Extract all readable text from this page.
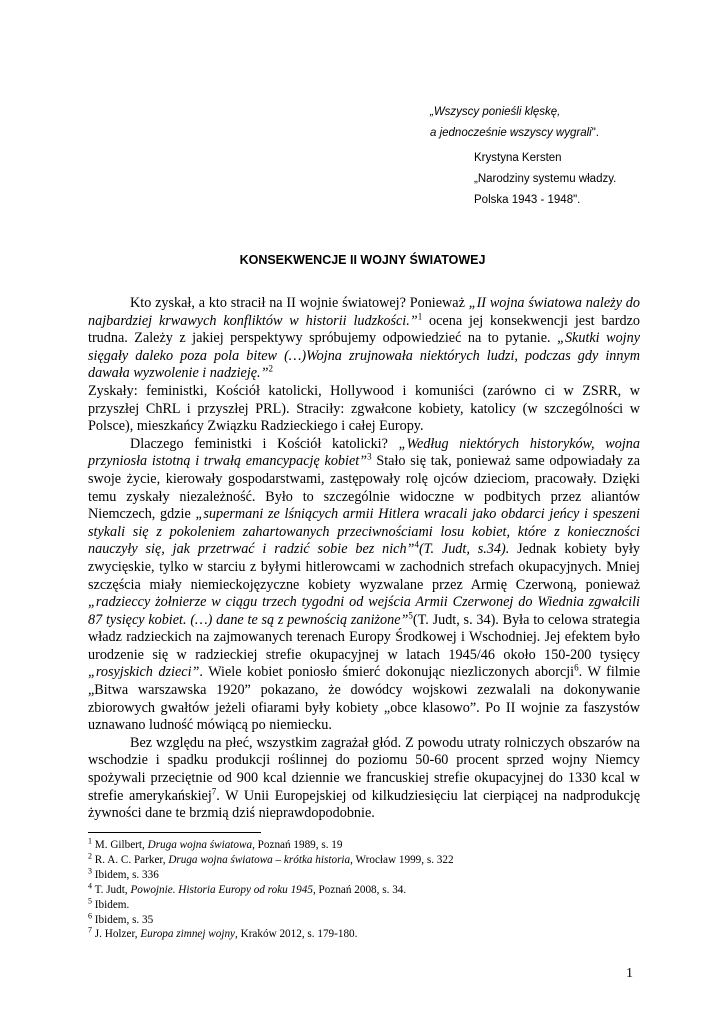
„Wszyscy ponieśli klęskę,
a jednocześnie wszyscy wygrali".
Krystyna Kersten
„Narodziny systemu władzy.
Polska 1943 - 1948".
KONSEKWENCJE II WOJNY ŚWIATOWEJ

Kto zyskał, a kto stracił na II wojnie światowej? Ponieważ „II wojna światowa należy do najbardziej krwawych konfliktów w historii ludzkości.”$^1$ ocena jej konsekwencji jest bardzo trudna. Zależy z jakiej perspektywy spróbujemy odpowiedzieć na to pytanie. „Skutki wojny sięgały daleko poza pola bitew (…)Wojna zrujnowała niektórych ludzi, podczas gdy innym dawała wyzwolenie i nadzieję.”$^2$

Zyskały: feministki, Kościół katolicki, Hollywood i komuniści (zarówno ci w ZSRR, w przyszłej ChRL i przyszłej PRL). Straciły: zgwałcone kobiety, katolicy (w szczególności w Polsce), mieszkańcy Związku Radzieckiego i całej Europy.

Dlaczego feministki i Kościół katolicki? „Według niektórych historyków, wojna przyniosła istotną i trwałą emancypację kobiet”$^3$ Stało się tak, ponieważ same odpowiadały za swoje życie, kierowały gospodarstwami, zastępowały rolę ojców dzieciom, pracowały. Dzięki temu zyskały niezależność. Było to szczególnie widoczne w podbitych przez aliantów Niemczech, gdzie „supermani ze lśniących armii Hitlera wracali jako obdarci jeńcy i speszeni stykali się z pokoleniem zahartowanych przeciwnościami losu kobiet, które z konieczności nauczyły się, jak przetrwać i radzić sobie bez nich”$^4$(T. Judt, s.34). Jednak kobiety były zwycięskie, tylko w starciu z byłymi hitlerowcami w zachodnich strefach okupacyjnych. Mniej szczęścia miały niemieckojęzyczne kobiety wyzwalane przez Armię Czerwoną, ponieważ „radzieccy żołnierze w ciągu trzech tygodni od wejścia Armii Czerwonej do Wiednia zgwałcili 87 tysięcy kobiet. (…) dane te są z pewnością zaniżone”$^5$(T. Judt, s. 34). Była to celowa strategia władz radzieckich na zajmowanych terenach Europy Środkowej i Wschodniej. Jej efektem było urodzenie się w radzieckiej strefie okupacyjnej w latach 1945/46 około 150-200 tysięcy „rosyjskich dzieci”. Wiele kobiet poniosło śmierć dokonując niezliczonych aborcji$^6$. W filmie „Bitwa warszawska 1920” pokazano, że dowódcy wojskowi zezwalali na dokonywanie zbiorowych gwałtów jeżeli ofiarami były kobiety „obce klasowo”. Po II wojnie za faszystów uznawano ludność mówiącą po niemiecku.

Bez względu na płeć, wszystkim zagrażał głód. Z powodu utraty rolniczych obszarów na wschodzie i spadku produkcji roślinnej do poziomu 50-60 procent sprzed wojny Niemcy spożywali przeciętnie od 900 kcal dziennie we francuskiej strefie okupacyjnej do 1330 kcal w strefie amerykańskiej$^7$. W Unii Europejskiej od kilkudziesięciu lat cierpiącej na nadprodukcję żywności dane te brzmią dziś nieprawdopodobnie.

$^1$ M. Gilbert, Druga wojna światowa, Poznań 1989, s. 19
$^2$ R. A. C. Parker, Druga wojna światowa – krótka historia, Wrocław 1999, s. 322
$^3$ Ibidem, s. 336
$^4$ T. Judt, Powojnie. Historia Europy od roku 1945, Poznań 2008, s. 34.
$^5$ Ibidem.
$^6$ Ibidem, s. 35
$^7$ J. Holzer, Europa zimnej wojny, Kraków 2012, s. 179-180.
1
